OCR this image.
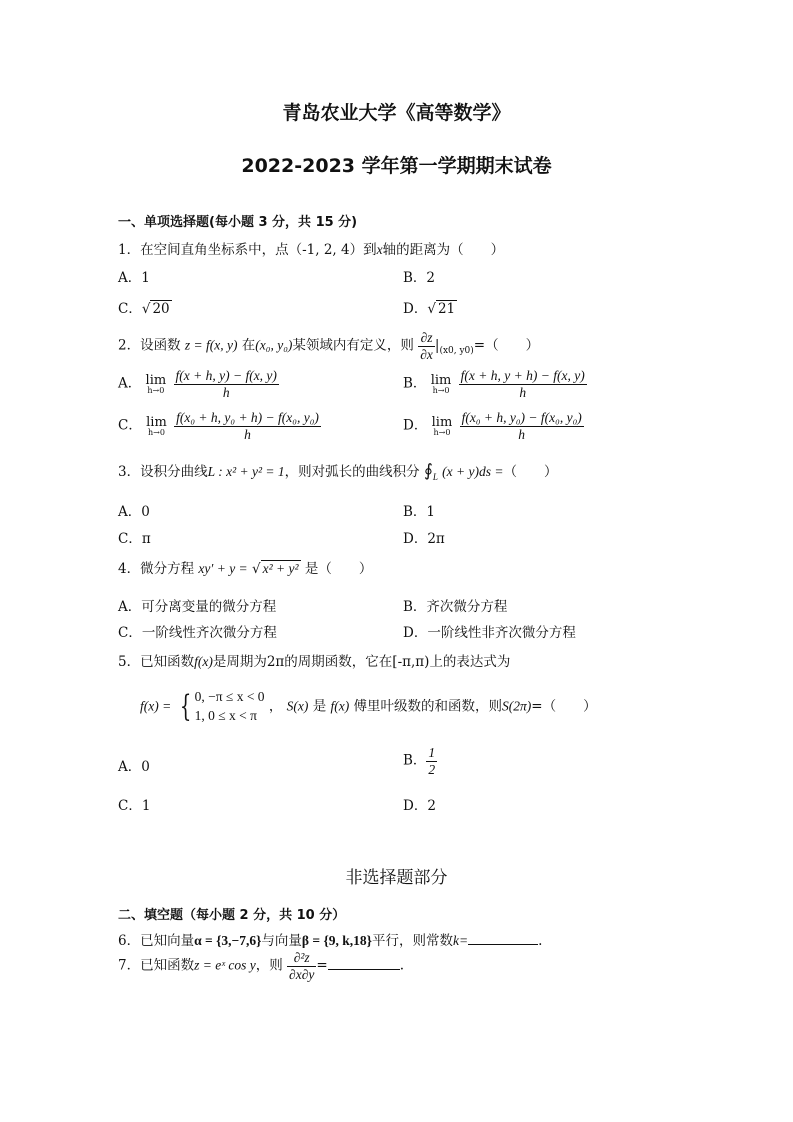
青岛农业大学《高等数学》
2022-2023 学年第一学期期末试卷
一、单项选择题(每小题 3 分，共 15 分)
1．在空间直角坐标系中，点（-1, 2, 4）到x轴的距离为（　　）
A．1	B．2
C．√ 20	D．√ 21
2．设函数 z = f(x, y) 在(x₀, y₀)某领域内有定义，则 $\frac{\partial z}{\partial x} |_{(x0, y0)}=$（　　）
A． lim
h→0
$\frac{f(x + h, y) - f(x, y)}{h}$	B． lim
h→0
$\frac{f(x + h, y + h) - f(x, y)}{h}$
C． lim
h→0
$\frac{\text{f(x₀ + h, y₀ + h) − f(x₀, y₀)}}{h}$	D． lim
h→0
$\frac{\text{f(x₀ + h, y₀) − f(x₀, y₀)}}{h}$
3．设积分曲线L : x² + y² = 1，则对弧长的曲线积分 $∮_L$ (x + y)ds =（　　）
A．0	B．1
C．π	D．2π
4．微分方程 xy′ + y = √ x² + y² 是（　　）
A．可分离变量的微分方程	B．齐次微分方程
C．一阶线性齐次微分方程	D．一阶线性非齐次微分方程
5．已知函数f(x)是周期为2π的周期函数，它在[-π,π)上的表达式为
f(x) = { 0, −π ≤ x < 0
1, 0 ≤ x < π
， S(x) 是 f(x) 傅里叶级数的和函数，则S(2π)=（　　）
A．0	B． $\frac{1}{2}$
C．1	D．2
非选择题部分
二、填空题（每小题 2 分，共 10 分）
6．已知向量α = {3,−7,6}与向量β = {9, k,18}平行，则常数k=	.
7．已知函数z = eˣ cos y，则 $\frac{\text{∂²z}}{\partial x\partial y}$ =	.
